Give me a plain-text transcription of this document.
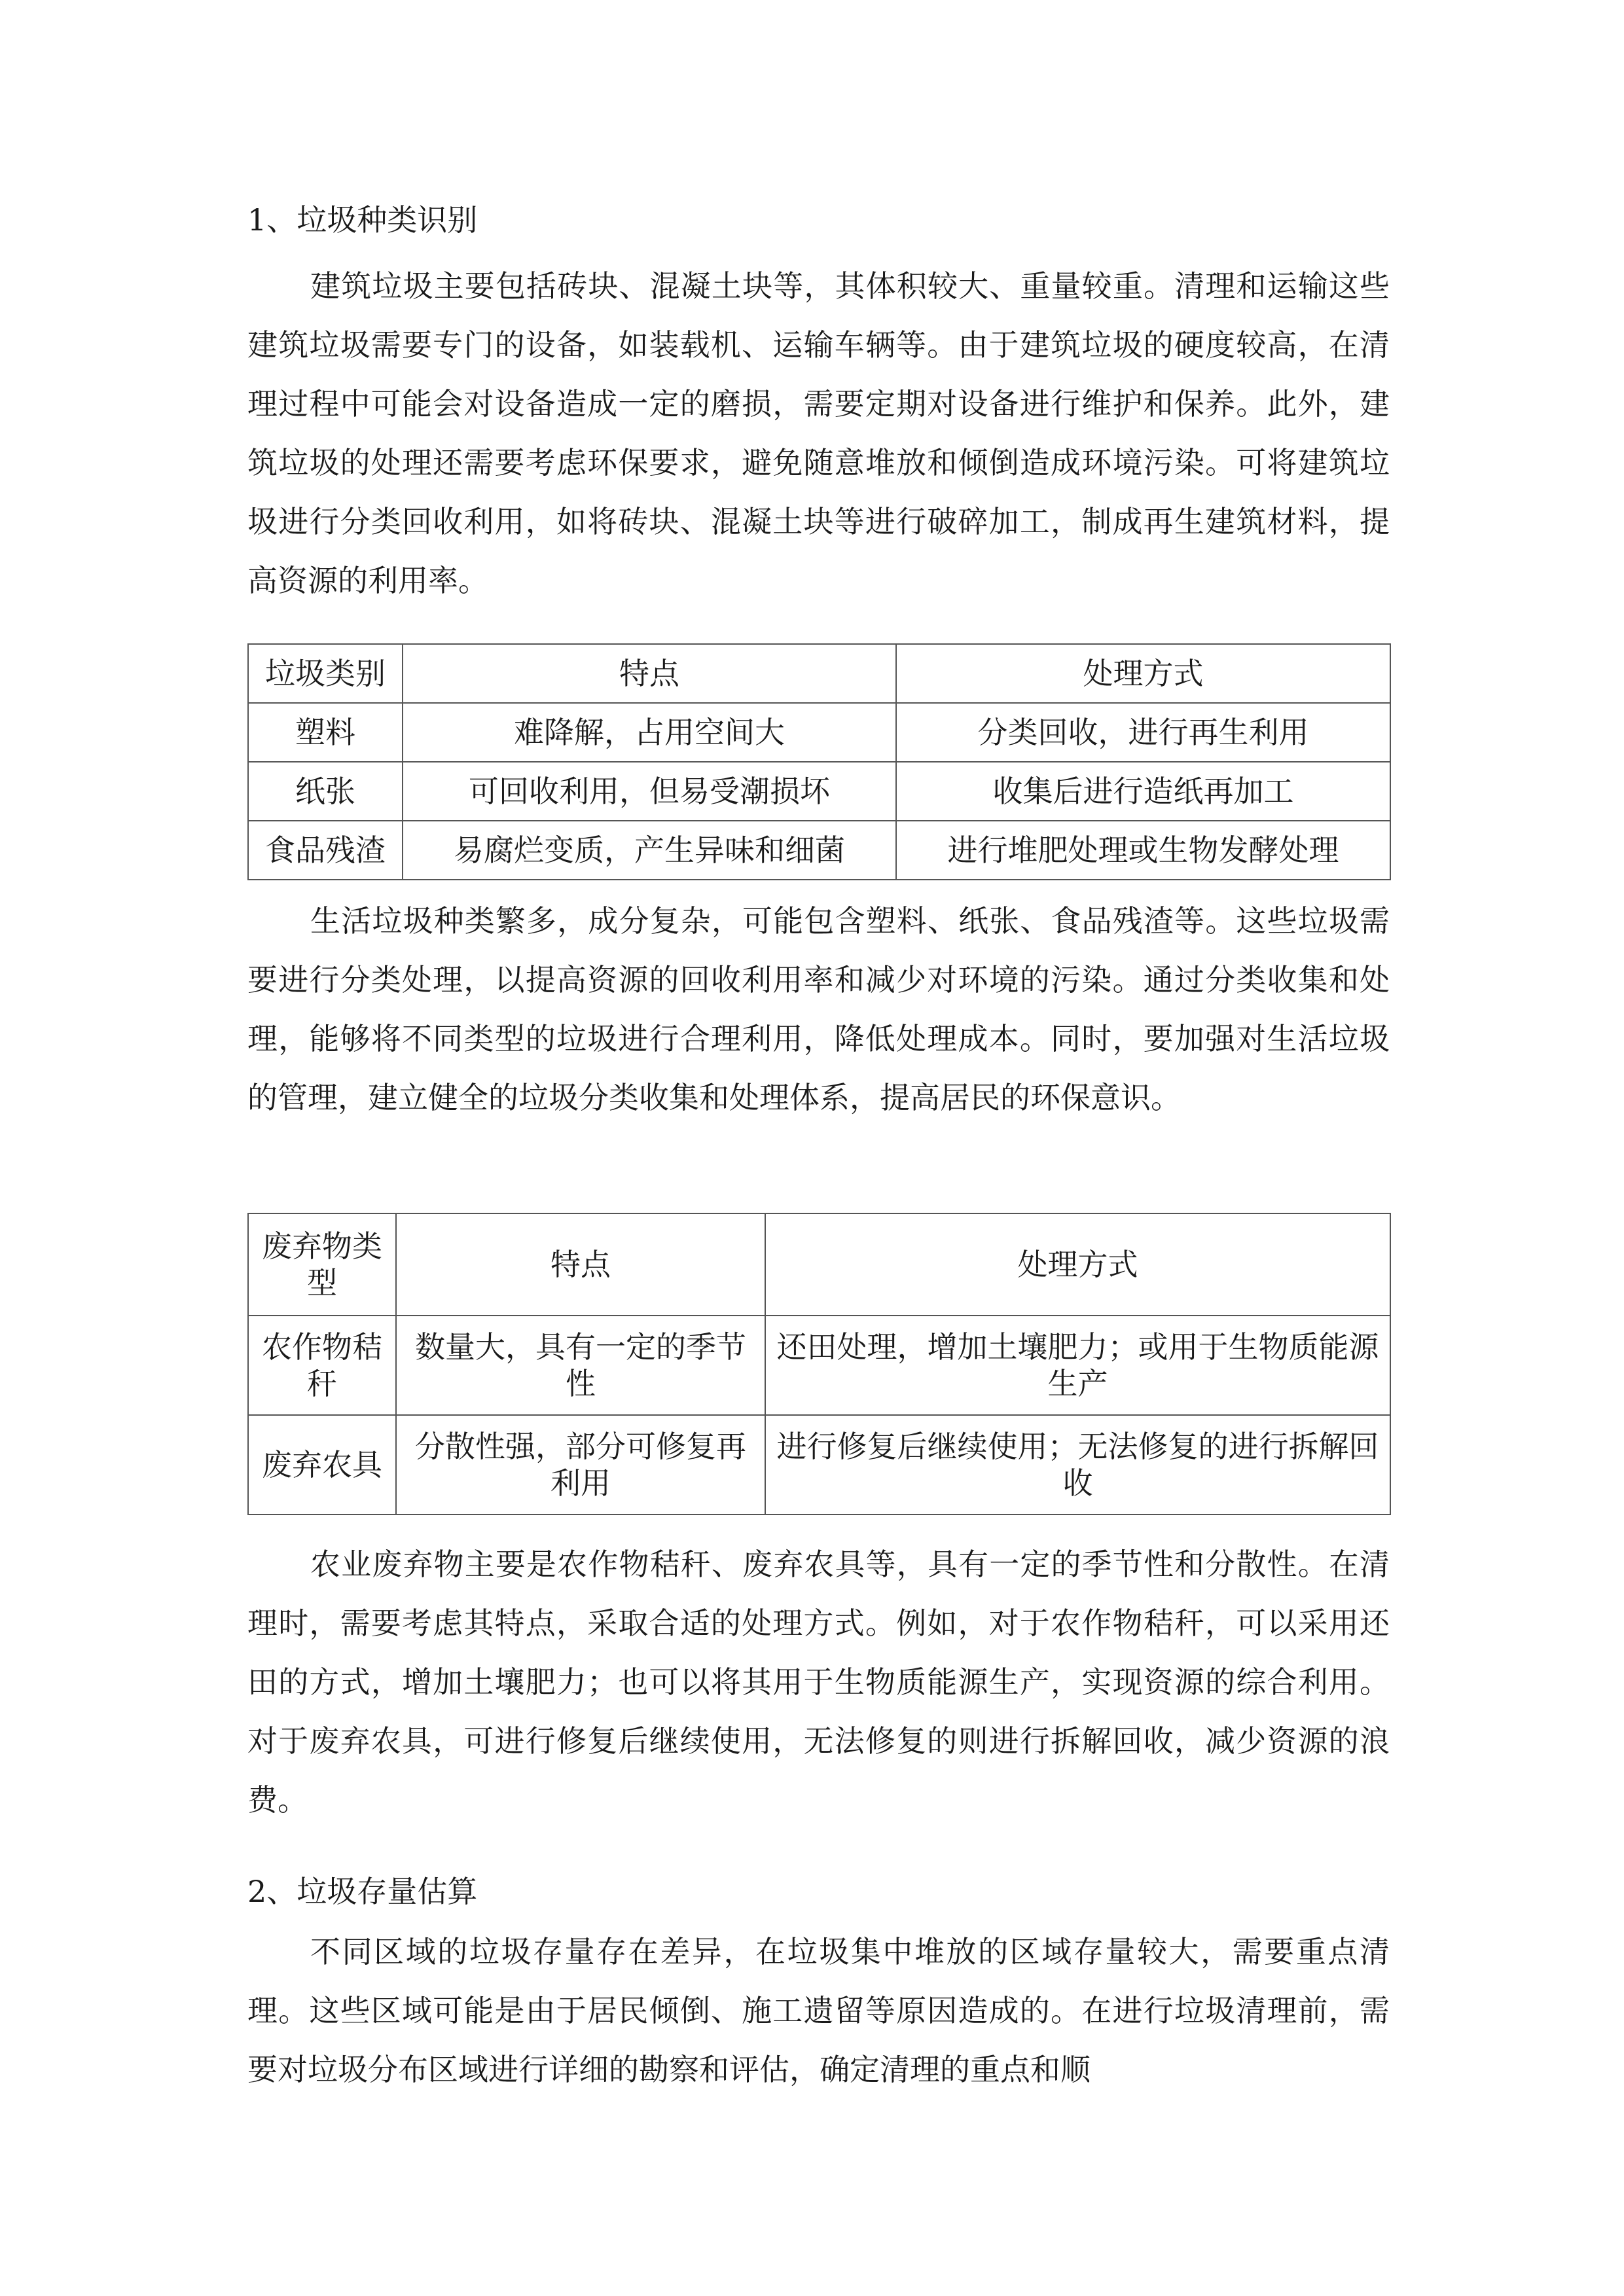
1、垃圾种类识别

建筑垃圾主要包括砖块、混凝土块等，其体积较大、重量较重。清理和运输这些建筑垃圾需要专门的设备，如装载机、运输车辆等。由于建筑垃圾的硬度较高，在清理过程中可能会对设备造成一定的磨损，需要定期对设备进行维护和保养。此外，建筑垃圾的处理还需要考虑环保要求，避免随意堆放和倾倒造成环境污染。可将建筑垃圾进行分类回收利用，如将砖块、混凝土块等进行破碎加工，制成再生建筑材料，提高资源的利用率。

垃圾类别	特点	处理方式
塑料	难降解，占用空间大	分类回收，进行再生利用
纸张	可回收利用，但易受潮损坏	收集后进行造纸再加工
食品残渣	易腐烂变质，产生异味和细菌	进行堆肥处理或生物发酵处理

生活垃圾种类繁多，成分复杂，可能包含塑料、纸张、食品残渣等。这些垃圾需要进行分类处理，以提高资源的回收利用率和减少对环境的污染。通过分类收集和处理，能够将不同类型的垃圾进行合理利用，降低处理成本。同时，要加强对生活垃圾的管理，建立健全的垃圾分类收集和处理体系，提高居民的环保意识。

废弃物类型	特点	处理方式
农作物秸秆	数量大，具有一定的季节性	还田处理，增加土壤肥力；或用于生物质能源生产
废弃农具	分散性强，部分可修复再利用	进行修复后继续使用；无法修复的进行拆解回收

农业废弃物主要是农作物秸秆、废弃农具等，具有一定的季节性和分散性。在清理时，需要考虑其特点，采取合适的处理方式。例如，对于农作物秸秆，可以采用还田的方式，增加土壤肥力；也可以将其用于生物质能源生产，实现资源的综合利用。对于废弃农具，可进行修复后继续使用，无法修复的则进行拆解回收，减少资源的浪费。

2、垃圾存量估算

不同区域的垃圾存量存在差异，在垃圾集中堆放的区域存量较大，需要重点清理。这些区域可能是由于居民倾倒、施工遗留等原因造成的。在进行垃圾清理前，需要对垃圾分布区域进行详细的勘察和评估，确定清理的重点和顺
